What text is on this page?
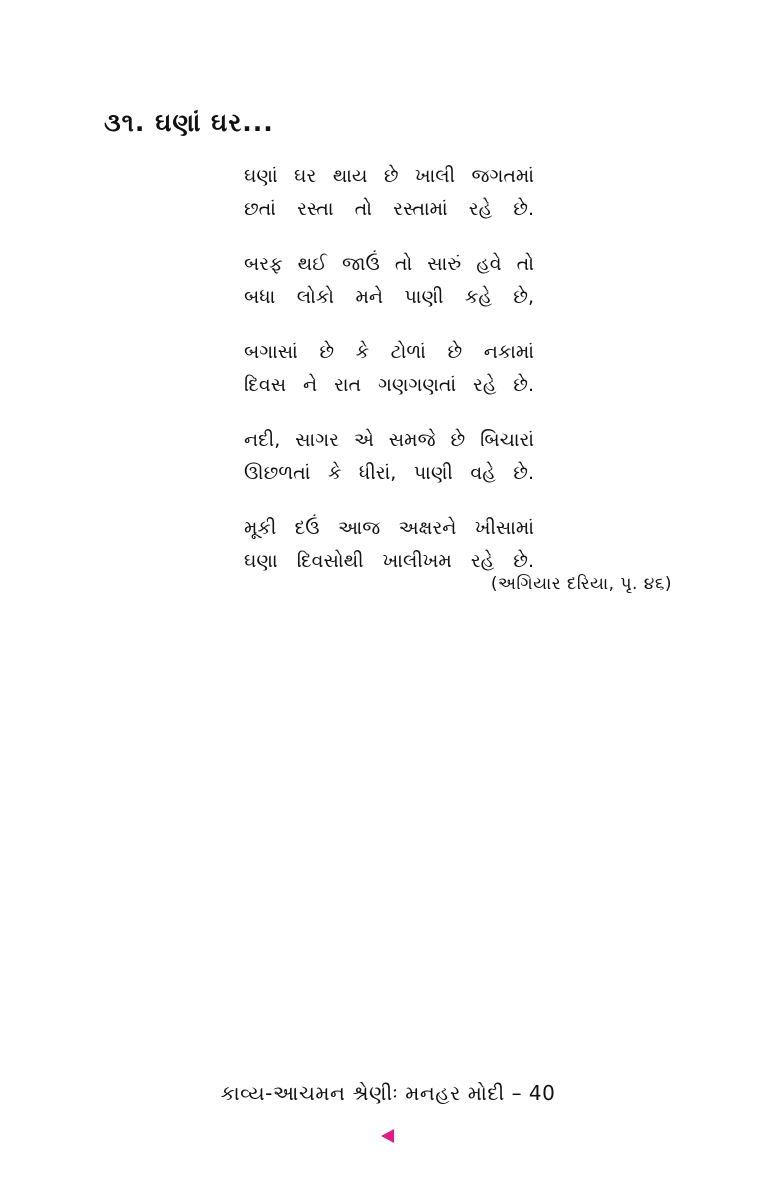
૩૧. ઘણાં ઘર...
ઘણાં ઘર થાય છે ખાલી જગતમાં
છતાં રસ્તા તો રસ્તામાં રહે છે.
બરફ થઈ જાઉં તો સારું હવે તો
બધા લોકો મને પાણી કહે છે,
બગાસાં છે કે ટોળાં છે નકામાં
દિવસ ને રાત ગણગણતાં રહે છે.
નદી, સાગર એ સમજે છે બિચારાં
ઊછળતાં કે ધીરાં, પાણી વહે છે.
મૂકી દઉં આજ અક્ષરને ખીસામાં
ઘણા દિવસોથી ખાલીખમ રહે છે.
(અગિયાર દરિયા, પૃ. ૪૬)
કાવ્ય-આચમન શ્રેણીઃ મનહર મોદી – 40
